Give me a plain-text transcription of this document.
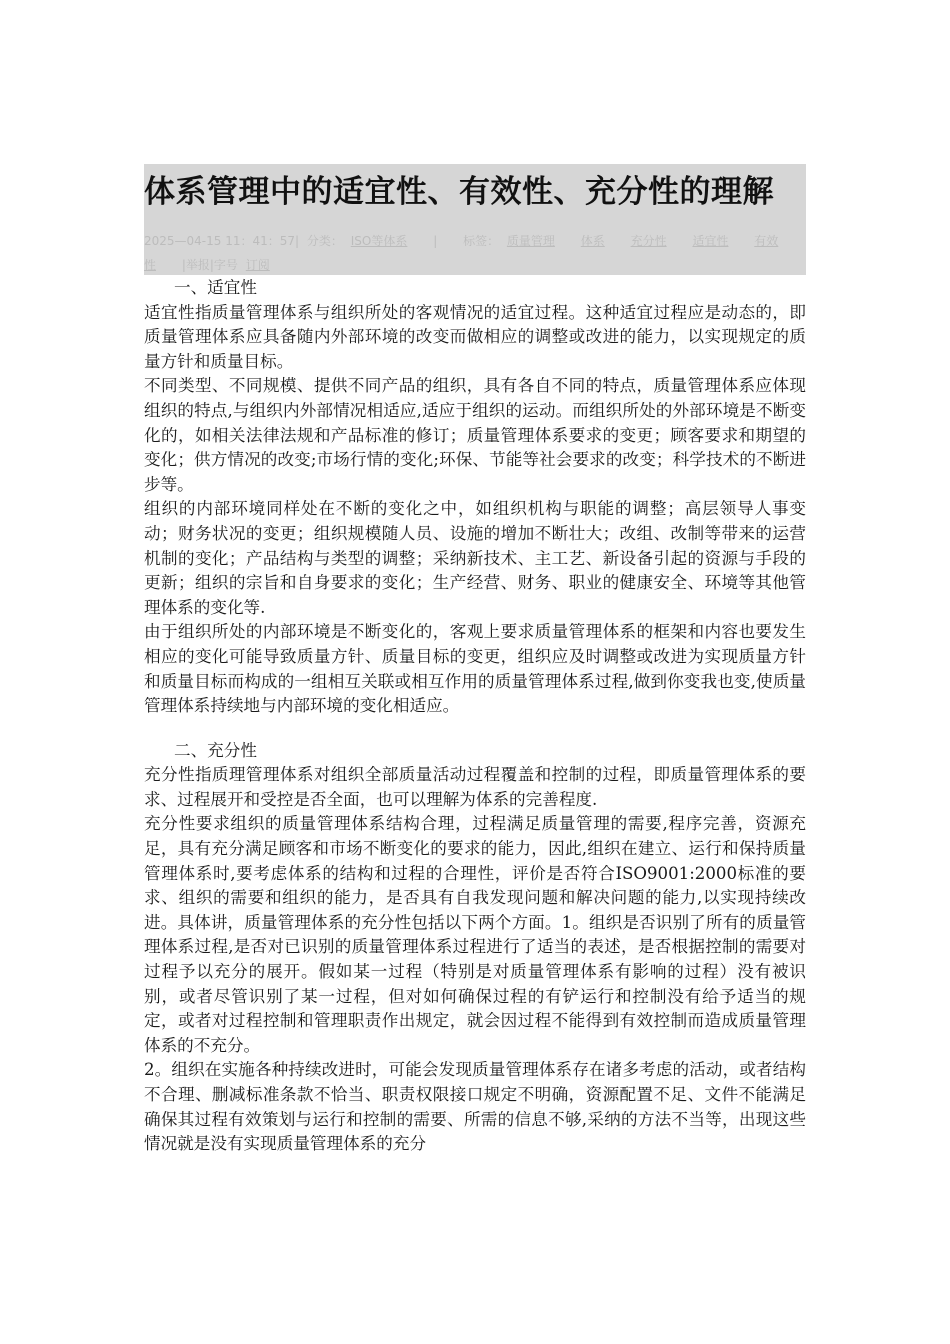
体系管理中的适宜性、有效性、充分性的理解
2025—04-15 11：41：57| 分类： ISO等体系 | 标签： 质量管理 体系 充分性 适宜性 有效性 |举报|字号 订阅

一、适宜性

适宜性指质量管理体系与组织所处的客观情况的适宜过程。这种适宜过程应是动态的，即质量管理体系应具备随内外部环境的改变而做相应的调整或改进的能力，以实现规定的质量方针和质量目标。

不同类型、不同规模、提供不同产品的组织，具有各自不同的特点，质量管理体系应体现组织的特点,与组织内外部情况相适应,适应于组织的运动。而组织所处的外部环境是不断变化的，如相关法律法规和产品标准的修订；质量管理体系要求的变更；顾客要求和期望的变化；供方情况的改变;市场行情的变化;环保、节能等社会要求的改变；科学技术的不断进步等。

组织的内部环境同样处在不断的变化之中，如组织机构与职能的调整；高层领导人事变动；财务状况的变更；组织规模随人员、设施的增加不断壮大；改组、改制等带来的运营机制的变化；产品结构与类型的调整；采纳新技术、主工艺、新设备引起的资源与手段的更新；组织的宗旨和自身要求的变化；生产经营、财务、职业的健康安全、环境等其他管理体系的变化等.

由于组织所处的内部环境是不断变化的，客观上要求质量管理体系的框架和内容也要发生相应的变化可能导致质量方针、质量目标的变更，组织应及时调整或改进为实现质量方针和质量目标而构成的一组相互关联或相互作用的质量管理体系过程,做到你变我也变,使质量管理体系持续地与内部环境的变化相适应。

二、充分性

充分性指质理管理体系对组织全部质量活动过程覆盖和控制的过程，即质量管理体系的要求、过程展开和受控是否全面，也可以理解为体系的完善程度.

充分性要求组织的质量管理体系结构合理，过程满足质量管理的需要,程序完善，资源充足，具有充分满足顾客和市场不断变化的要求的能力，因此,组织在建立、运行和保持质量管理体系时,要考虑体系的结构和过程的合理性，评价是否符合ISO9001:2000标准的要求、组织的需要和组织的能力，是否具有自我发现问题和解决问题的能力,以实现持续改进。具体讲，质量管理体系的充分性包括以下两个方面。1。组织是否识别了所有的质量管理体系过程,是否对已识别的质量管理体系过程进行了适当的表述，是否根据控制的需要对过程予以充分的展开。假如某一过程（特别是对质量管理体系有影响的过程）没有被识别，或者尽管识别了某一过程，但对如何确保过程的有铲运行和控制没有给予适当的规定，或者对过程控制和管理职责作出规定，就会因过程不能得到有效控制而造成质量管理体系的不充分。

2。组织在实施各种持续改进时，可能会发现质量管理体系存在诸多考虑的活动，或者结构不合理、删减标准条款不恰当、职责权限接口规定不明确，资源配置不足、文件不能满足确保其过程有效策划与运行和控制的需要、所需的信息不够,采纳的方法不当等，出现这些情况就是没有实现质量管理体系的充分
